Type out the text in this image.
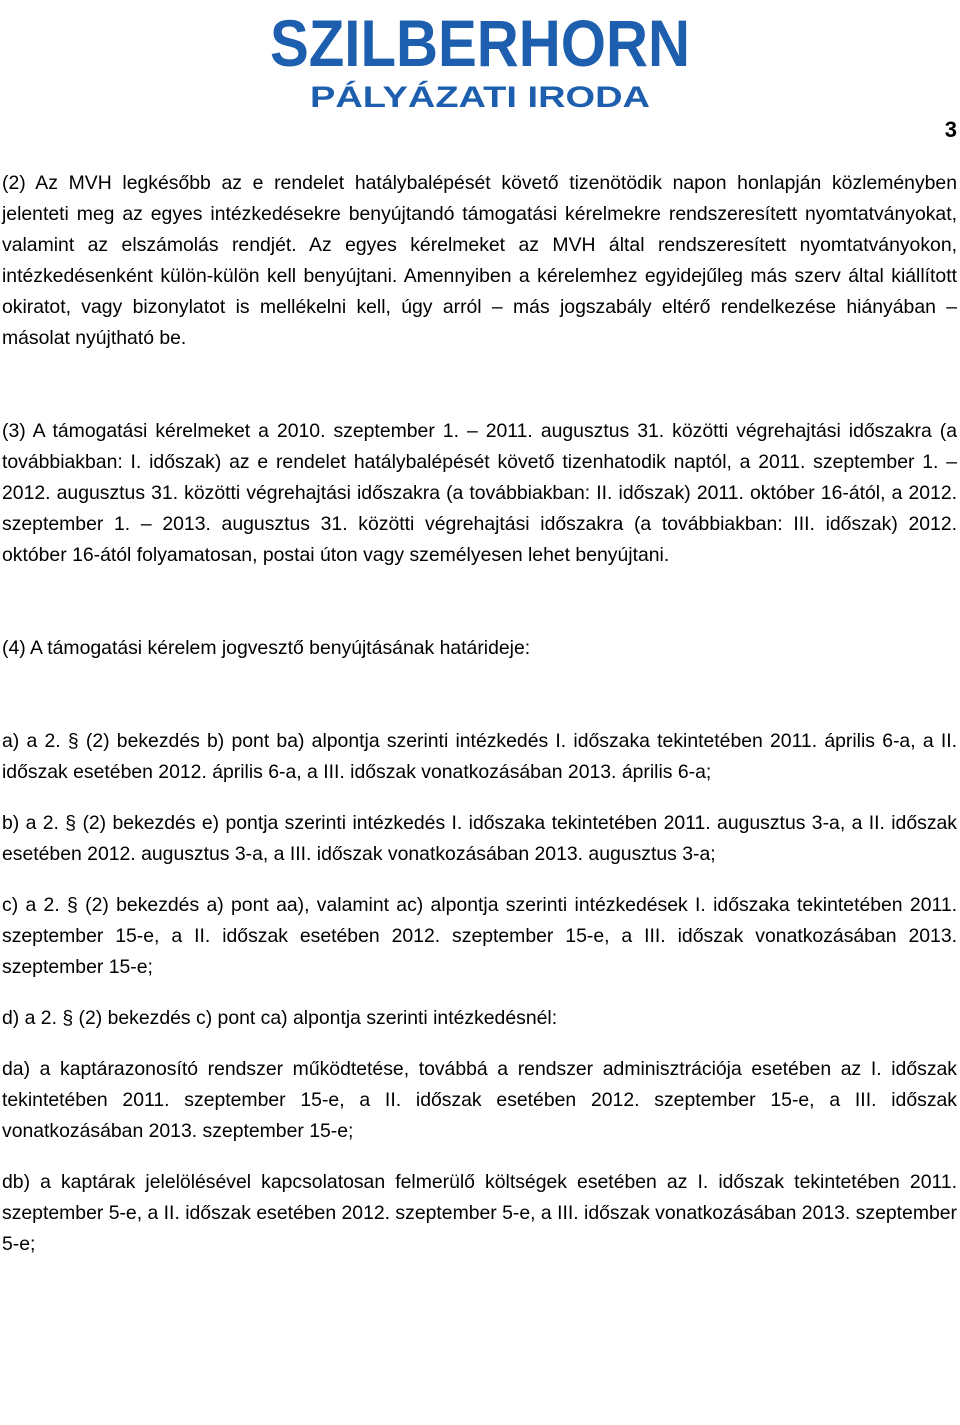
SZILBERHORN
PÁLYÁZATI IRODA
3

(2) Az MVH legkésőbb az e rendelet hatálybalépését követő tizenötödik napon honlapján közleményben jelenteti meg az egyes intézkedésekre benyújtandó támogatási kérelmekre rendszeresített nyomtatványokat, valamint az elszámolás rendjét. Az egyes kérelmeket az MVH által rendszeresített nyomtatványokon, intézkedésenként külön-külön kell benyújtani. Amennyiben a kérelemhez egyidejűleg más szerv által kiállított okiratot, vagy bizonylatot is mellékelni kell, úgy arról – más jogszabály eltérő rendelkezése hiányában – másolat nyújtható be.

(3) A támogatási kérelmeket a 2010. szeptember 1. – 2011. augusztus 31. közötti végrehajtási időszakra (a továbbiakban: I. időszak) az e rendelet hatálybalépését követő tizenhatodik naptól, a 2011. szeptember 1. – 2012. augusztus 31. közötti végrehajtási időszakra (a továbbiakban: II. időszak) 2011. október 16-ától, a 2012. szeptember 1. – 2013. augusztus 31. közötti végrehajtási időszakra (a továbbiakban: III. időszak) 2012. október 16-ától folyamatosan, postai úton vagy személyesen lehet benyújtani.

(4) A támogatási kérelem jogvesztő benyújtásának határideje:

a) a 2. § (2) bekezdés b) pont ba) alpontja szerinti intézkedés I. időszaka tekintetében 2011. április 6-a, a II. időszak esetében 2012. április 6-a, a III. időszak vonatkozásában 2013. április 6-a;

b) a 2. § (2) bekezdés e) pontja szerinti intézkedés I. időszaka tekintetében 2011. augusztus 3-a, a II. időszak esetében 2012. augusztus 3-a, a III. időszak vonatkozásában 2013. augusztus 3-a;

c) a 2. § (2) bekezdés a) pont aa), valamint ac) alpontja szerinti intézkedések I. időszaka tekintetében 2011. szeptember 15-e, a II. időszak esetében 2012. szeptember 15-e, a III. időszak vonatkozásában 2013. szeptember 15-e;

d) a 2. § (2) bekezdés c) pont ca) alpontja szerinti intézkedésnél:

da) a kaptárazonosító rendszer működtetése, továbbá a rendszer adminisztrációja esetében az I. időszak tekintetében 2011. szeptember 15-e, a II. időszak esetében 2012. szeptember 15-e, a III. időszak vonatkozásában 2013. szeptember 15-e;

db) a kaptárak jelelölésével kapcsolatosan felmerülő költségek esetében az I. időszak tekintetében 2011. szeptember 5-e, a II. időszak esetében 2012. szeptember 5-e, a III. időszak vonatkozásában 2013. szeptember 5-e;
